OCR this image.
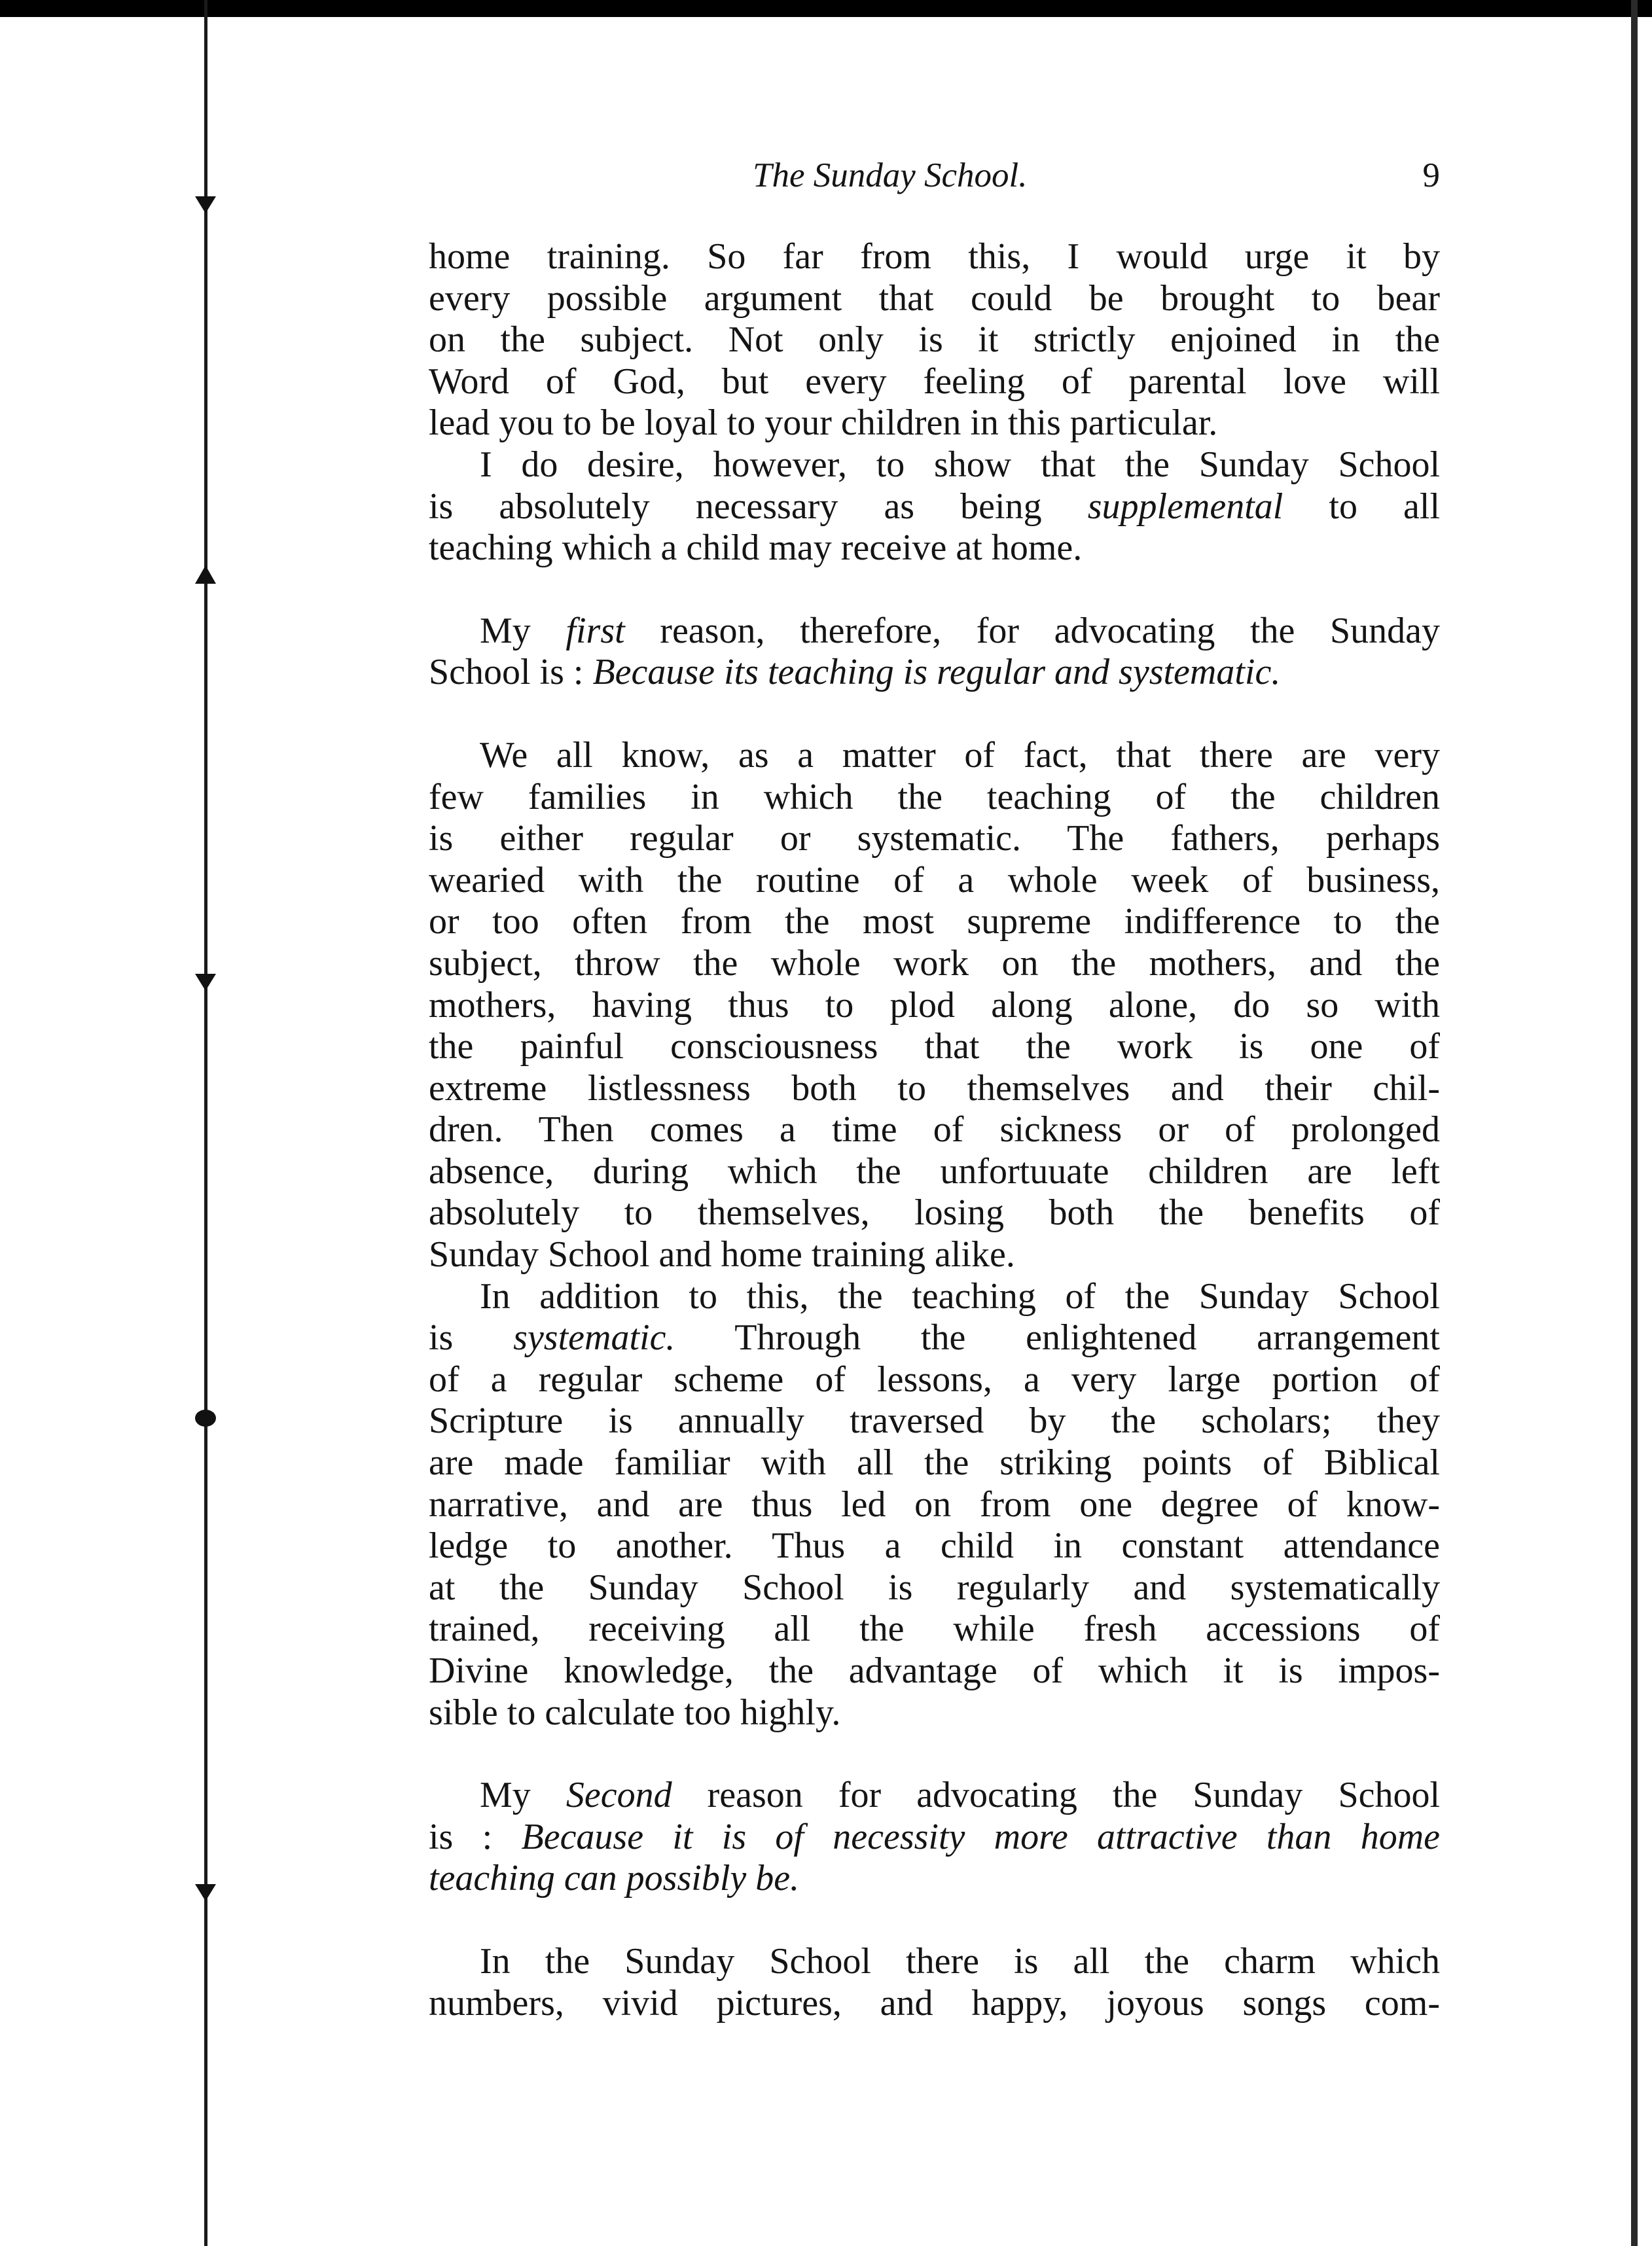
The Sunday School.	9

home training. So far from this, I would urge it by
every possible argument that could be brought to bear
on the subject. Not only is it strictly enjoined in the
Word of God, but every feeling of parental love will
lead you to be loyal to your children in this particular.

I do desire, however, to show that the Sunday School
is absolutely necessary as being supplemental to all
teaching which a child may receive at home.

My first reason, therefore, for advocating the Sunday
School is : Because its teaching is regular and systematic.

We all know, as a matter of fact, that there are very
few families in which the teaching of the children
is either regular or systematic. The fathers, perhaps
wearied with the routine of a whole week of business,
or too often from the most supreme indifference to the
subject, throw the whole work on the mothers, and the
mothers, having thus to plod along alone, do so with
the painful consciousness that the work is one of
extreme listlessness both to themselves and their chil-
dren. Then comes a time of sickness or of prolonged
absence, during which the unfortuuate children are left
absolutely to themselves, losing both the benefits of
Sunday School and home training alike.

In addition to this, the teaching of the Sunday School
is systematic. Through the enlightened arrangement
of a regular scheme of lessons, a very large portion of
Scripture is annually traversed by the scholars; they
are made familiar with all the striking points of Biblical
narrative, and are thus led on from one degree of know-
ledge to another. Thus a child in constant attendance
at the Sunday School is regularly and systematically
trained, receiving all the while fresh accessions of
Divine knowledge, the advantage of which it is impos-
sible to calculate too highly.

My Second reason for advocating the Sunday School
is : Because it is of necessity more attractive than home
teaching can possibly be.

In the Sunday School there is all the charm which
numbers, vivid pictures, and happy, joyous songs com-
